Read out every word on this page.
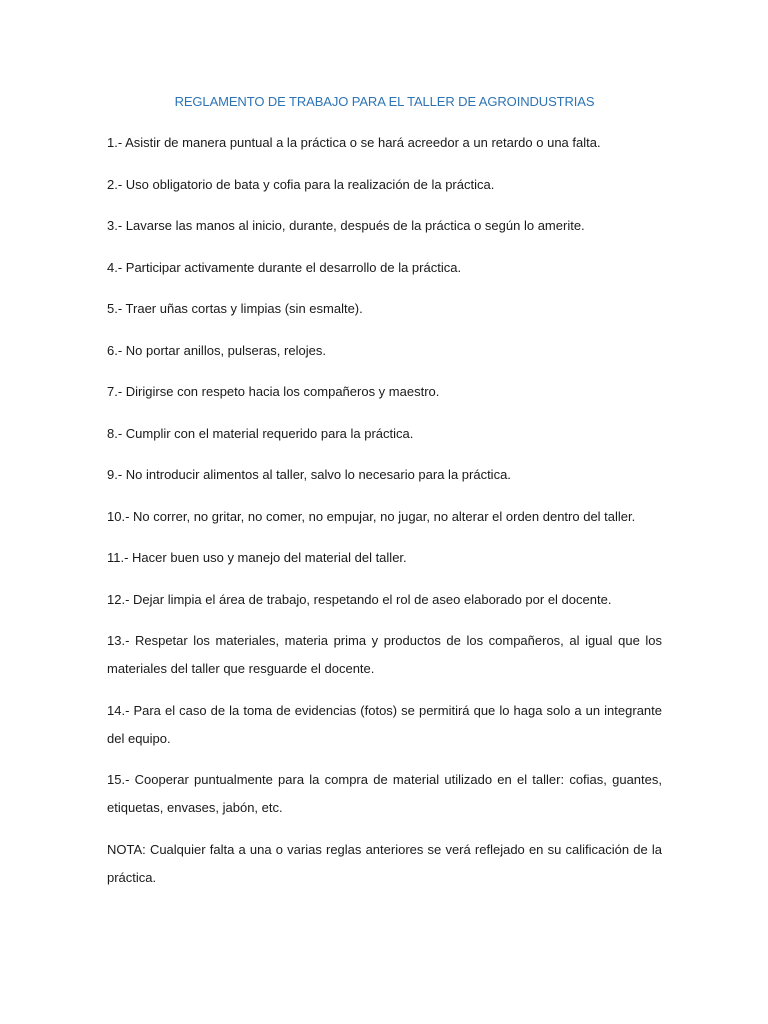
REGLAMENTO DE TRABAJO PARA EL TALLER DE AGROINDUSTRIAS

1.- Asistir de manera puntual a la práctica o se hará acreedor a un retardo o una falta.

2.- Uso obligatorio de bata y cofia para la realización de la práctica.

3.- Lavarse las manos al inicio, durante, después de la práctica o según lo amerite.

4.- Participar activamente durante el desarrollo de la práctica.

5.- Traer uñas cortas y limpias (sin esmalte).

6.- No portar anillos, pulseras, relojes.

7.- Dirigirse con respeto hacia los compañeros y maestro.

8.- Cumplir con el material requerido para la práctica.

9.- No introducir alimentos al taller, salvo lo necesario para la práctica.

10.- No correr, no gritar, no comer, no empujar, no jugar, no alterar el orden dentro del taller.

11.- Hacer buen uso y manejo del material del taller.

12.- Dejar limpia el área de trabajo, respetando el rol de aseo elaborado por el docente.

13.- Respetar los materiales, materia prima y productos de los compañeros, al igual que los materiales del taller que resguarde el docente.

14.- Para el caso de la toma de evidencias (fotos) se permitirá que lo haga solo a un integrante del equipo.

15.- Cooperar puntualmente para la compra de material utilizado en el taller: cofias, guantes, etiquetas, envases, jabón, etc.

NOTA: Cualquier falta a una o varias reglas anteriores se verá reflejado en su calificación de la práctica.
